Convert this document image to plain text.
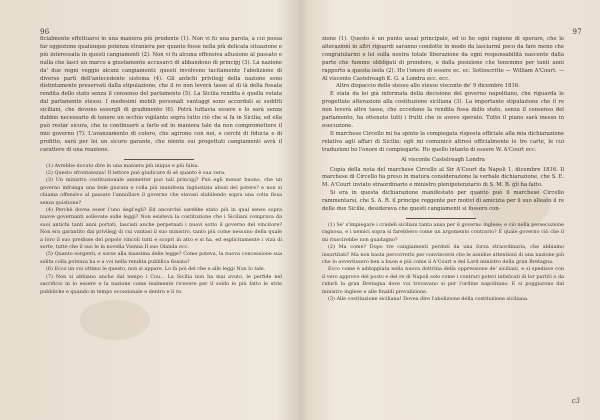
96

ficialmente effettuarsi in una maniera più prudente (1). Non vi fu una parola, a cui possa far oggezione qualunque potenza straniera per quanto fosse nella più delicata situazione e più interessata in questi cangiamenti (2). Non vi fu alcuna offensiva allusione al passato e nulla che lasci un marco a giustamente accusarci di abbandono di principj (3). La nazione da' due regni veggio alcuni cangiamenti: questi involvono tacitamente l'abolizione di diverse parti dell'antecedente sistema (4). Gli antichi privilegj della nazione sono distintamente preservati dalla stipulazione, che il re non leverà tasse al di là della fissata rendita dello stato senza il consenso del parlamento (5). La Sicilia rendita è quella votata dal parlamento stesso. I medesimi mobili personali vantaggi sono accordati ai sudditi siciliani, che devono essergli di gradimento (6). Potrà tuttavia essere e lo sarà senza dubbio necessario di tenere un occhio vigilante sopra tutto ciò che si fa in Sicilia; ed ella può restar sicura, che io continuerò a farlo ed in maniera tale da non compromettere il mio governo (7). L'avanzamento di coloro, che agirono con noi, e cerchi di fiducia e di profitto, sarà per lei un sicuro garante, che niente sui progettati cangiamenti avrà il carattere di una reazione.

(1) Avrebbe dovuto dire in una maniera più iniqua e più falsa.

(2) Questo sfrontatezza! Il lettore può giudicare di sè quanto è sua vera.

(3) Un ministro costituzionale ammetter può tali principj? Può egli menar buono, che un governo infranga una fede giurata e colla più manifesta ingiustizia abusi del potere? e non si chiama offensivo al passato l'annullare il governo che stavasi stabilendo sopra una colta fissa senza quistione?

(4) Perchè dovea esser l'uno degl'egli? Ed ancorchè sarebbe stato più in qual senso sopra nuove governanti sollevate sulle leggi? Non esisteva la costituzione che i Siciliani comprava da suoi antichi tanti anni portati, lasciati anche perpetuati i nuovi sotto il governo del vincitore? Non era garantito dai privilegj di cui vantasi il suo ministro, tanto più come nessuno della quale a loro il suo predisse del popolo vincoli tutti e scopri in atto e si ha, ed esplicitamente i vizii di sorte, tutte che il suo le la novella Vienna Il suo Olanda ecc.

(5) Quanto sorgenti, e sorse alla massima delle legge? Come poteva, la nuova concessione sua solita colla potenza ha e a voi nella rendita pubblica fissata?

(6) Ecco un voi ottimo le questo, non si appare. Lo fa poi del che e alle leggi Non lo tale.

(7) Non si abbiano anche dal tempo i Cou... La Sicilia non ha mai avuto, le perfide nel sacrificio in lo essere e la nazione come lealmente ricevere per il soldo le più fatto le strie pubbliche e quando in tempo eccezionale e dentro e li re.

97

zione (1). Questo è un punto assai principale, ed io ho ogni ragione di sperare, che le alterazioni in altri riguardi saranno condotte in modo da lasciarmi poco da fare meno che congratularmi e lei sulla nostra totale liberazione da ogni responsabilità nascente dalla parte che fummo obbligati di prendere, e dalla posizione che tenemmo per tanti anni rapporto a questa isola (2). Ho l'onore di essere ec. ec. Sottoscritto — William A'Court. — Al visconte Castelreagh K. G. a Londra ecc. ecc.

Altro dispaccio dello stesso allo stesso visconte de' 9 dicembre 1816.

E stata da lei già informata della decisione del governo napolitano, che riguarda le progettate alterazioni alla costituzione siciliana (3). La importante stipulazione che il re non leverà altre tasse, che eccedano la rendita fissa dello stato, senza il consenso del parlamento, ha ottenuto tutti i frutti che io avevo sperato. Tutto il piano sarà messo in esecuzione.

Il marchese Circello mi ha spinto la compiegata risposta officiale alla mia dichiarazione relativa agli affari di Sicilia: egli mi comunicò altresì officialmente le tre carte, le cui traduzioni ho l'onore di compiegarle. Ho quello intanto di essere W. A'Court ecc.

Al visconte Castelreagh Londra

Copia della nota del marchese Circello al Sir A'Court da Napoli 1, dicembre 1816. Il marchese di Circello ha preso in matura considerazione la verbale dichiarazione, che S. E. M. A'Court inviato straordinario e ministro plenipotenziario di S. M. B. gli ha fatto.

Si era in questa dichiarazione manifestato per quanto può il marchese Circello rammentarsi, che S. A. R. il principe reggente per motivi di amicizia per il suo alleato il re delle due Sicilie, desiderava che questi cangiamenti si fossero con-

(1) Se' s'impiegare i crudeli siciliani tanta ansa per il governo inglese; e ciò nella persecuzione ragnosa, e i nemici sopra si farebbero come un argomento contrario? E quale governo ciò che il mi riuscirebbe non guadagno?

(2) Ma come? Dopo tre cangiamenti perduti da una forza straordinaria, che abbiamo insurtitati? Ma non basta percorrerlo per convincersi che le assidue attentioni di una nazione più che lo avvertissero ben a buon e più come il A'Court e del Lord ministro della gran Bretagna.

Ecco come è addoppiata nella nuova dottrina della oppressione de' siciliani, e si spedisce con il vero approvo del posto e del re di Napoli solo come i contrari poteri infaticati di lor partiti o da ridurli la gran Bretagna dove voi trovavano si per l'ordine napolitano. E si poggiarono dal ministro inglese e alle finaldi prevalizione.

(3) Alle costituzione siciliana! Dovea dire l'abolizione della costituzione siciliana.

c3
